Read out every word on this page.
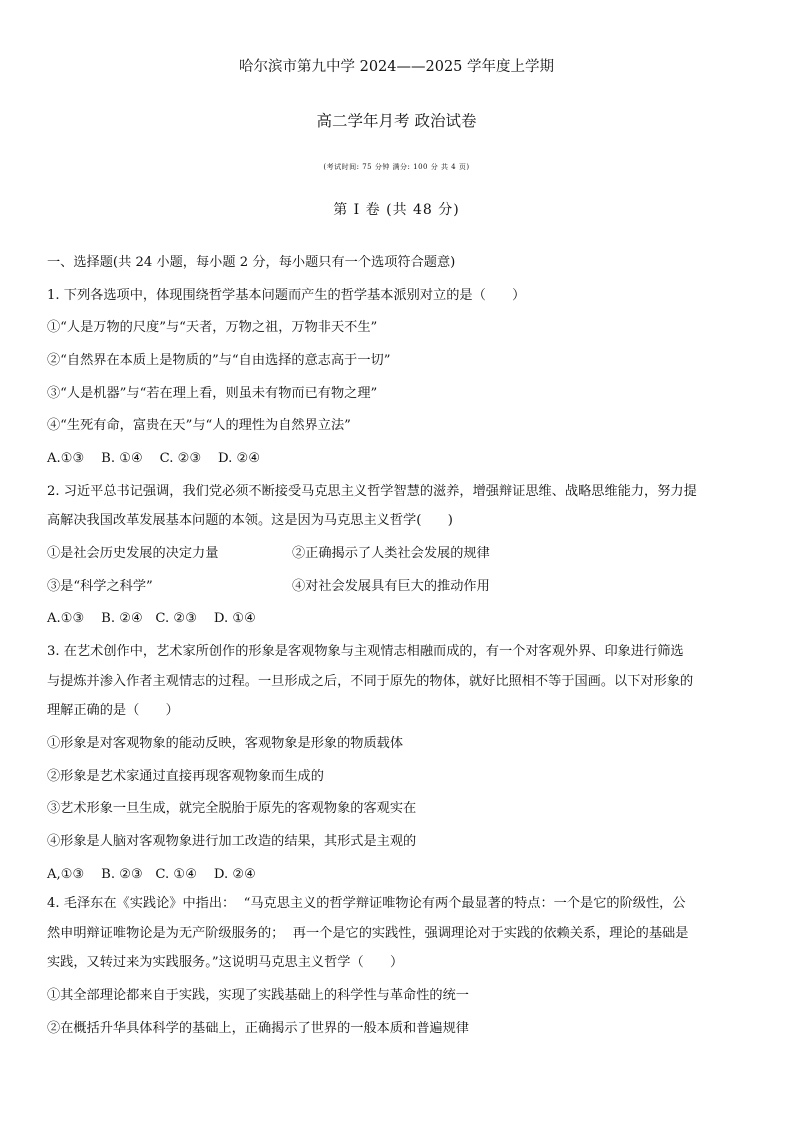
哈尔滨市第九中学 2024——2025 学年度上学期
高二学年月考 政治试卷
(考试时间: 75 分钟 满分: 100 分 共 4 页)
第 Ⅰ 卷 (共 48 分)
一、选择题(共 24 小题，每小题 2 分，每小题只有一个选项符合题意)
1. 下列各选项中，体现围绕哲学基本问题而产生的哲学基本派别对立的是（　　）
①“人是万物的尺度”与“天者，万物之祖，万物非天不生”
②“自然界在本质上是物质的”与“自由选择的意志高于一切”
③“人是机器”与“若在理上看，则虽未有物而已有物之理”
④“生死有命，富贵在天”与“人的理性为自然界立法”
A.①③    B. ①④    C. ②③    D. ②④
2. 习近平总书记强调，我们党必须不断接受马克思主义哲学智慧的滋养，增强辩证思维、战略思维能力，努力提
高解决我国改革发展基本问题的本领。这是因为马克思主义哲学(　　)
①是社会历史发展的决定力量	②正确揭示了人类社会发展的规律
③是“科学之科学”	④对社会发展具有巨大的推动作用
A.①③    B. ②④   C. ②③    D. ①④
3. 在艺术创作中，艺术家所创作的形象是客观物象与主观情志相融而成的，有一个对客观外界、印象进行筛选
与提炼并渗入作者主观情志的过程。一旦形成之后，不同于原先的物体，就好比照相不等于国画。以下对形象的
理解正确的是（　　）
①形象是对客观物象的能动反映，客观物象是形象的物质载体
②形象是艺术家通过直接再现客观物象而生成的
③艺术形象一旦生成，就完全脱胎于原先的客观物象的客观实在
④形象是人脑对客观物象进行加工改造的结果，其形式是主观的
A,①③    B. ②③   C. ①④    D. ②④
4. 毛泽东在《实践论》中指出：  “马克思主义的哲学辩证唯物论有两个最显著的特点：一个是它的阶级性，公
然申明辩证唯物论是为无产阶级服务的；  再一个是它的实践性，强调理论对于实践的依赖关系，理论的基础是
实践，又转过来为实践服务。”这说明马克思主义哲学（　　）
①其全部理论都来自于实践，实现了实践基础上的科学性与革命性的统一
②在概括升华具体科学的基础上，正确揭示了世界的一般本质和普遍规律
